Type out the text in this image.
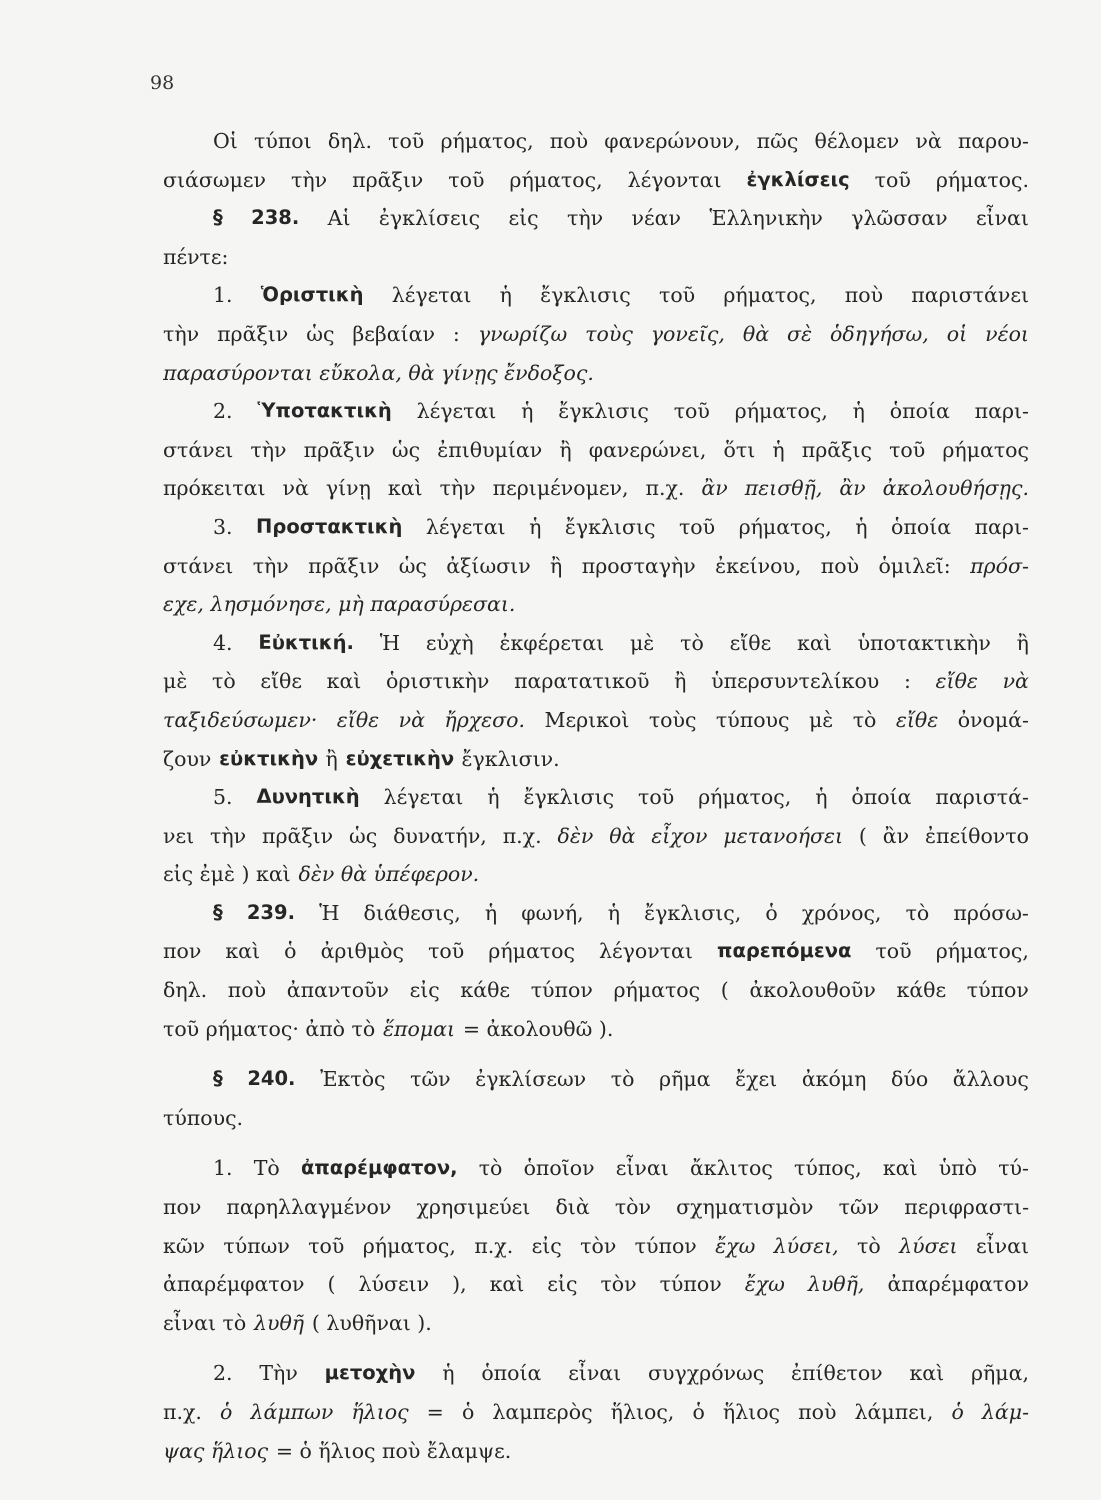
98
Οἱ τύποι δηλ. τοῦ ρήματος, ποὺ φανερώνουν, πῶς θέλομεν νὰ παρου-
σιάσωμεν τὴν πρᾶξιν τοῦ ρήματος, λέγονται ἐγκλίσεις τοῦ ρήματος.
§ 238. Αἱ ἐγκλίσεις εἰς τὴν νέαν Ἑλληνικὴν γλῶσσαν εἶναι
πέντε:
1. Ὁριστικὴ λέγεται ἡ ἔγκλισις τοῦ ρήματος, ποὺ παριστάνει
τὴν πρᾶξιν ὡς βεβαίαν : γνωρίζω τοὺς γονεῖς, θὰ σὲ ὁδηγήσω, οἱ νέοι
παρασύρονται εὔκολα, θὰ γίνῃς ἔνδοξος.
2. Ὑποτακτικὴ λέγεται ἡ ἔγκλισις τοῦ ρήματος, ἡ ὁποία παρι-
στάνει τὴν πρᾶξιν ὡς ἐπιθυμίαν ἢ φανερώνει, ὅτι ἡ πρᾶξις τοῦ ρήματος
πρόκειται νὰ γίνῃ καὶ τὴν περιμένομεν, π.χ. ἂν πεισθῇ, ἂν ἀκολουθήσῃς.
3. Προστακτικὴ λέγεται ἡ ἔγκλισις τοῦ ρήματος, ἡ ὁποία παρι-
στάνει τὴν πρᾶξιν ὡς ἀξίωσιν ἢ προσταγὴν ἐκείνου, ποὺ ὁμιλεῖ: πρόσ-
εχε, λησμόνησε, μὴ παρασύρεσαι.
4. Εὐκτική. Ἡ εὐχὴ ἐκφέρεται μὲ τὸ εἴθε καὶ ὑποτακτικὴν ἢ
μὲ τὸ εἴθε καὶ ὁριστικὴν παρατατικοῦ ἢ ὑπερσυντελίκου : εἴθε νὰ
ταξιδεύσωμεν· εἴθε νὰ ἤρχεσο. Μερικοὶ τοὺς τύπους μὲ τὸ εἴθε ὀνομά-
ζουν εὐκτικὴν ἢ εὐχετικὴν ἔγκλισιν.
5. Δυνητικὴ λέγεται ἡ ἔγκλισις τοῦ ρήματος, ἡ ὁποία παριστά-
νει τὴν πρᾶξιν ὡς δυνατήν, π.χ. δὲν θὰ εἶχον μετανοήσει ( ἂν ἐπείθοντο
εἰς ἐμὲ ) καὶ δὲν θὰ ὑπέφερον.
§ 239. Ἡ διάθεσις, ἡ φωνή, ἡ ἔγκλισις, ὁ χρόνος, τὸ πρόσω-
πον καὶ ὁ ἀριθμὸς τοῦ ρήματος λέγονται παρεπόμενα τοῦ ρήματος,
δηλ. ποὺ ἀπαντοῦν εἰς κάθε τύπον ρήματος ( ἀκολουθοῦν κάθε τύπον
τοῦ ρήματος· ἀπὸ τὸ ἕπομαι = ἀκολουθῶ ).
§ 240. Ἐκτὸς τῶν ἐγκλίσεων τὸ ρῆμα ἔχει ἀκόμη δύο ἄλλους
τύπους.
1. Τὸ ἀπαρέμφατον, τὸ ὁποῖον εἶναι ἄκλιτος τύπος, καὶ ὑπὸ τύ-
πον παρηλλαγμένον χρησιμεύει διὰ τὸν σχηματισμὸν τῶν περιφραστι-
κῶν τύπων τοῦ ρήματος, π.χ. εἰς τὸν τύπον ἔχω λύσει, τὸ λύσει εἶναι
ἀπαρέμφατον ( λύσειν ), καὶ εἰς τὸν τύπον ἔχω λυθῆ, ἀπαρέμφατον
εἶναι τὸ λυθῆ ( λυθῆναι ).
2. Τὴν μετοχὴν ἡ ὁποία εἶναι συγχρόνως ἐπίθετον καὶ ρῆμα,
π.χ. ὁ λάμπων ἥλιος = ὁ λαμπερὸς ἥλιος, ὁ ἥλιος ποὺ λάμπει, ὁ λάμ-
ψας ἥλιος = ὁ ἥλιος ποὺ ἔλαμψε.
